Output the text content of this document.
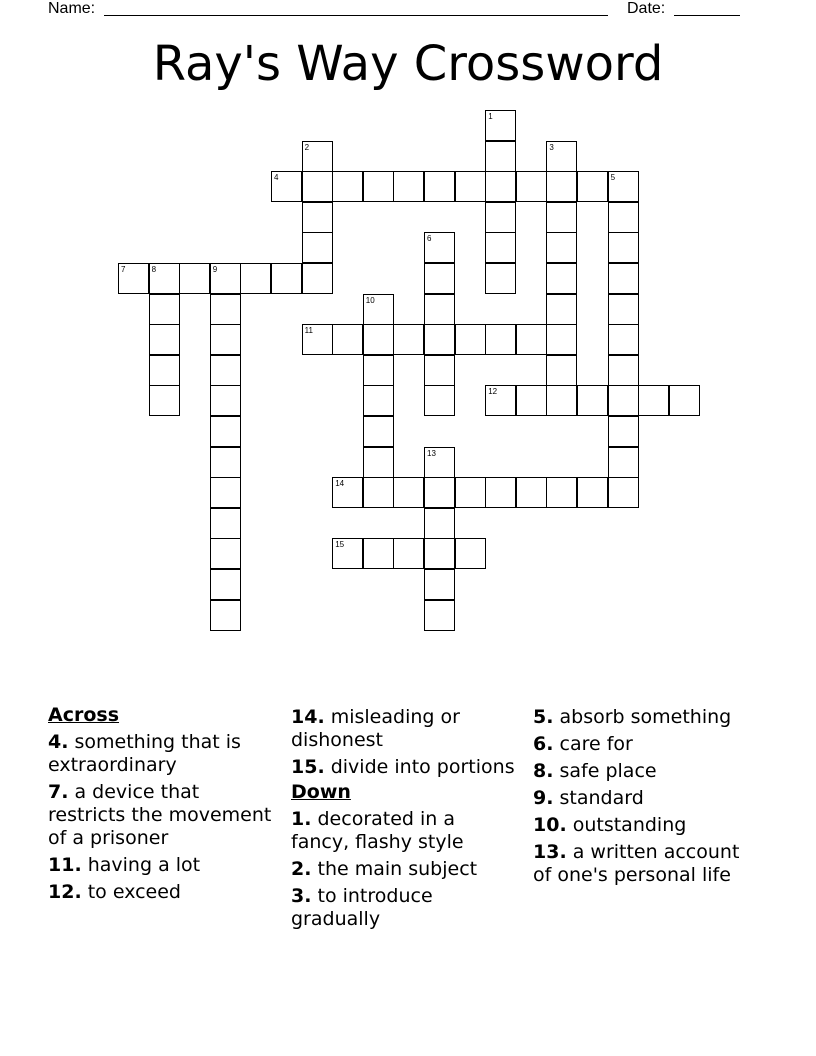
Name:	Date:
Ray's Way Crossword
4
7	8	9
11
12
14
15
1
2	3
5
6
10
13
Across
4. something that is extraordinary
7. a device that restricts the movement of a prisoner
11. having a lot
12. to exceed
14. misleading or dishonest
15. divide into portions
Down
1. decorated in a fancy, flashy style
2. the main subject
3. to introduce gradually
5. absorb something
6. care for
8. safe place
9. standard
10. outstanding
13. a written account of one's personal life
